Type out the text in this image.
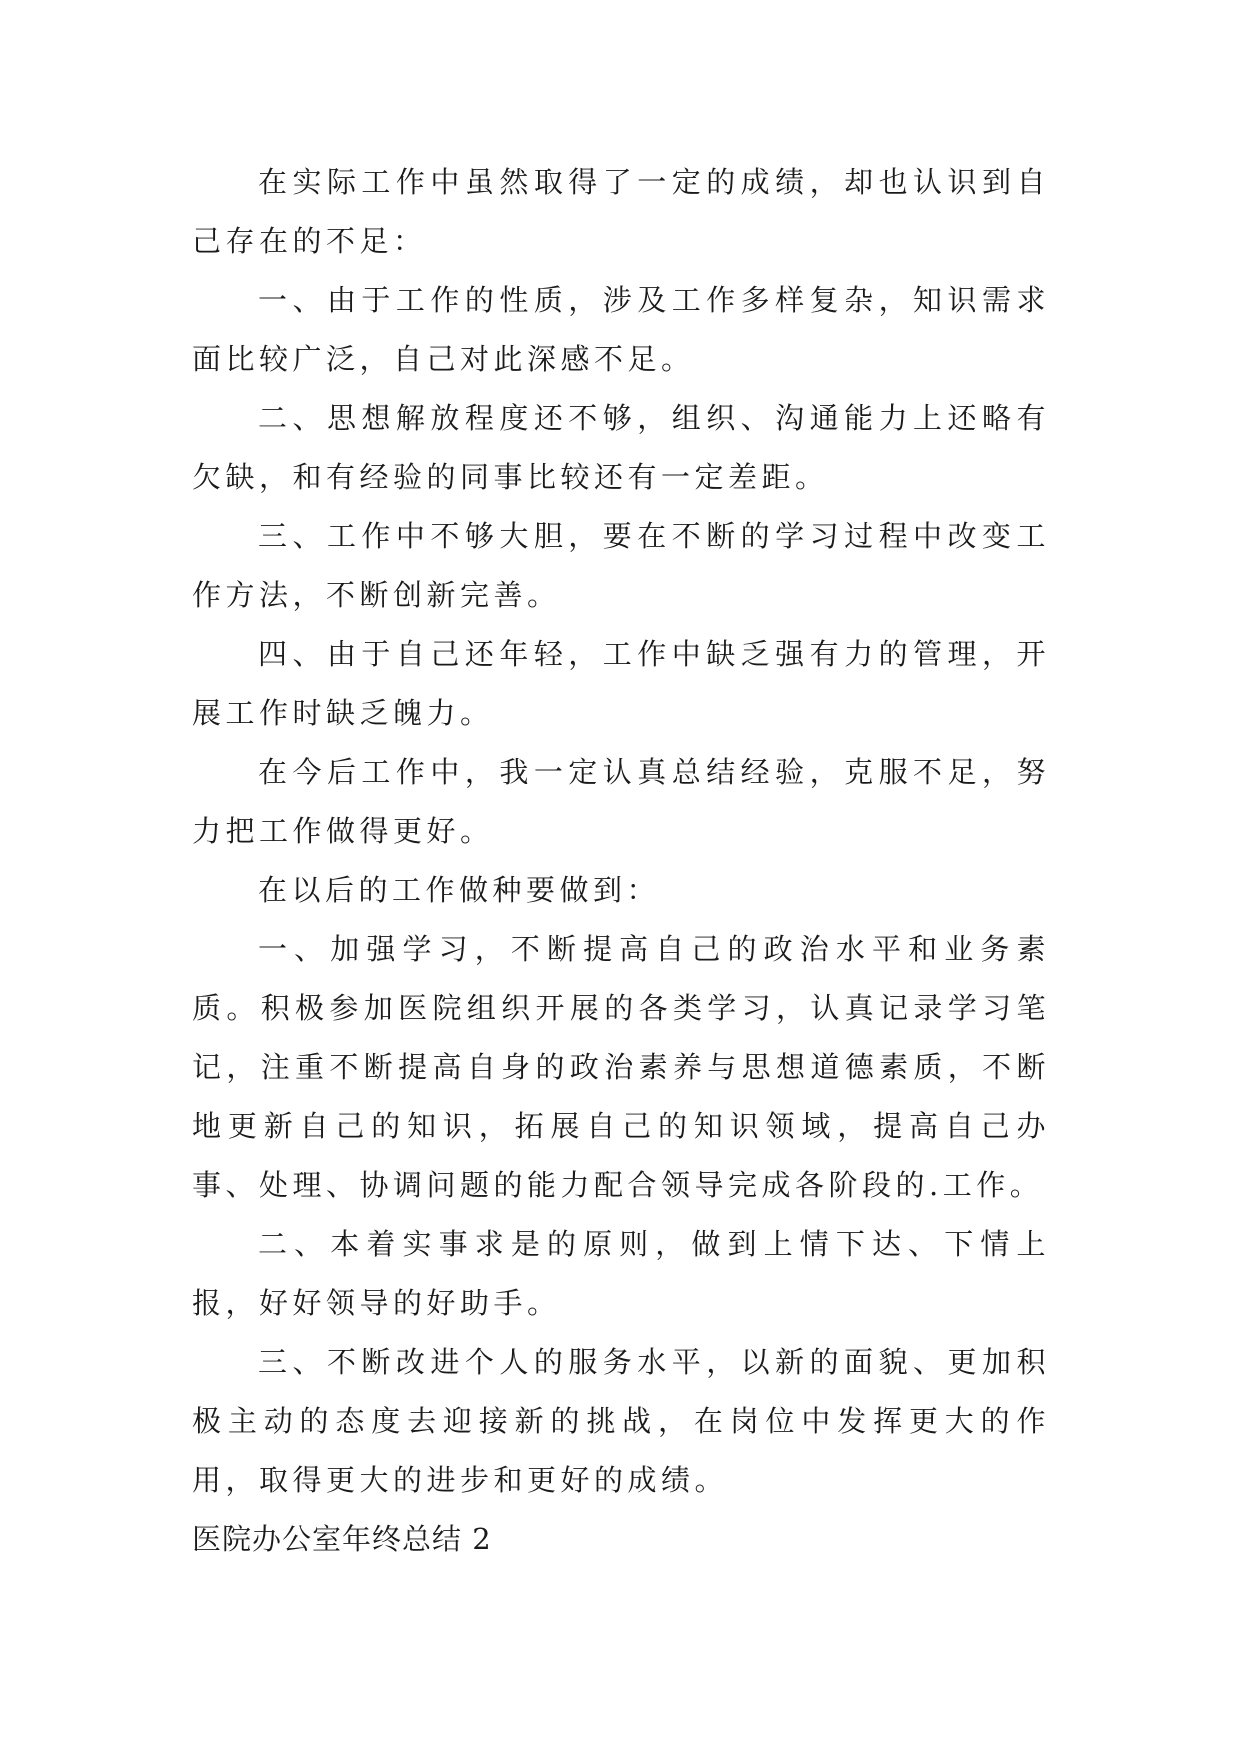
在实际工作中虽然取得了一定的成绩，却也认识到自己存在的不足：

一、由于工作的性质，涉及工作多样复杂，知识需求面比较广泛，自己对此深感不足。

二、思想解放程度还不够，组织、沟通能力上还略有欠缺，和有经验的同事比较还有一定差距。

三、工作中不够大胆，要在不断的学习过程中改变工作方法，不断创新完善。

四、由于自己还年轻，工作中缺乏强有力的管理，开展工作时缺乏魄力。

在今后工作中，我一定认真总结经验，克服不足，努力把工作做得更好。

在以后的工作做种要做到：

一、加强学习，不断提高自己的政治水平和业务素质。积极参加医院组织开展的各类学习，认真记录学习笔记，注重不断提高自身的政治素养与思想道德素质，不断地更新自己的知识，拓展自己的知识领域，提高自己办事、处理、协调问题的能力配合领导完成各阶段的.工作。

二、本着实事求是的原则，做到上情下达、下情上报，好好领导的好助手。

三、不断改进个人的服务水平，以新的面貌、更加积极主动的态度去迎接新的挑战，在岗位中发挥更大的作用，取得更大的进步和更好的成绩。

医院办公室年终总结 2
